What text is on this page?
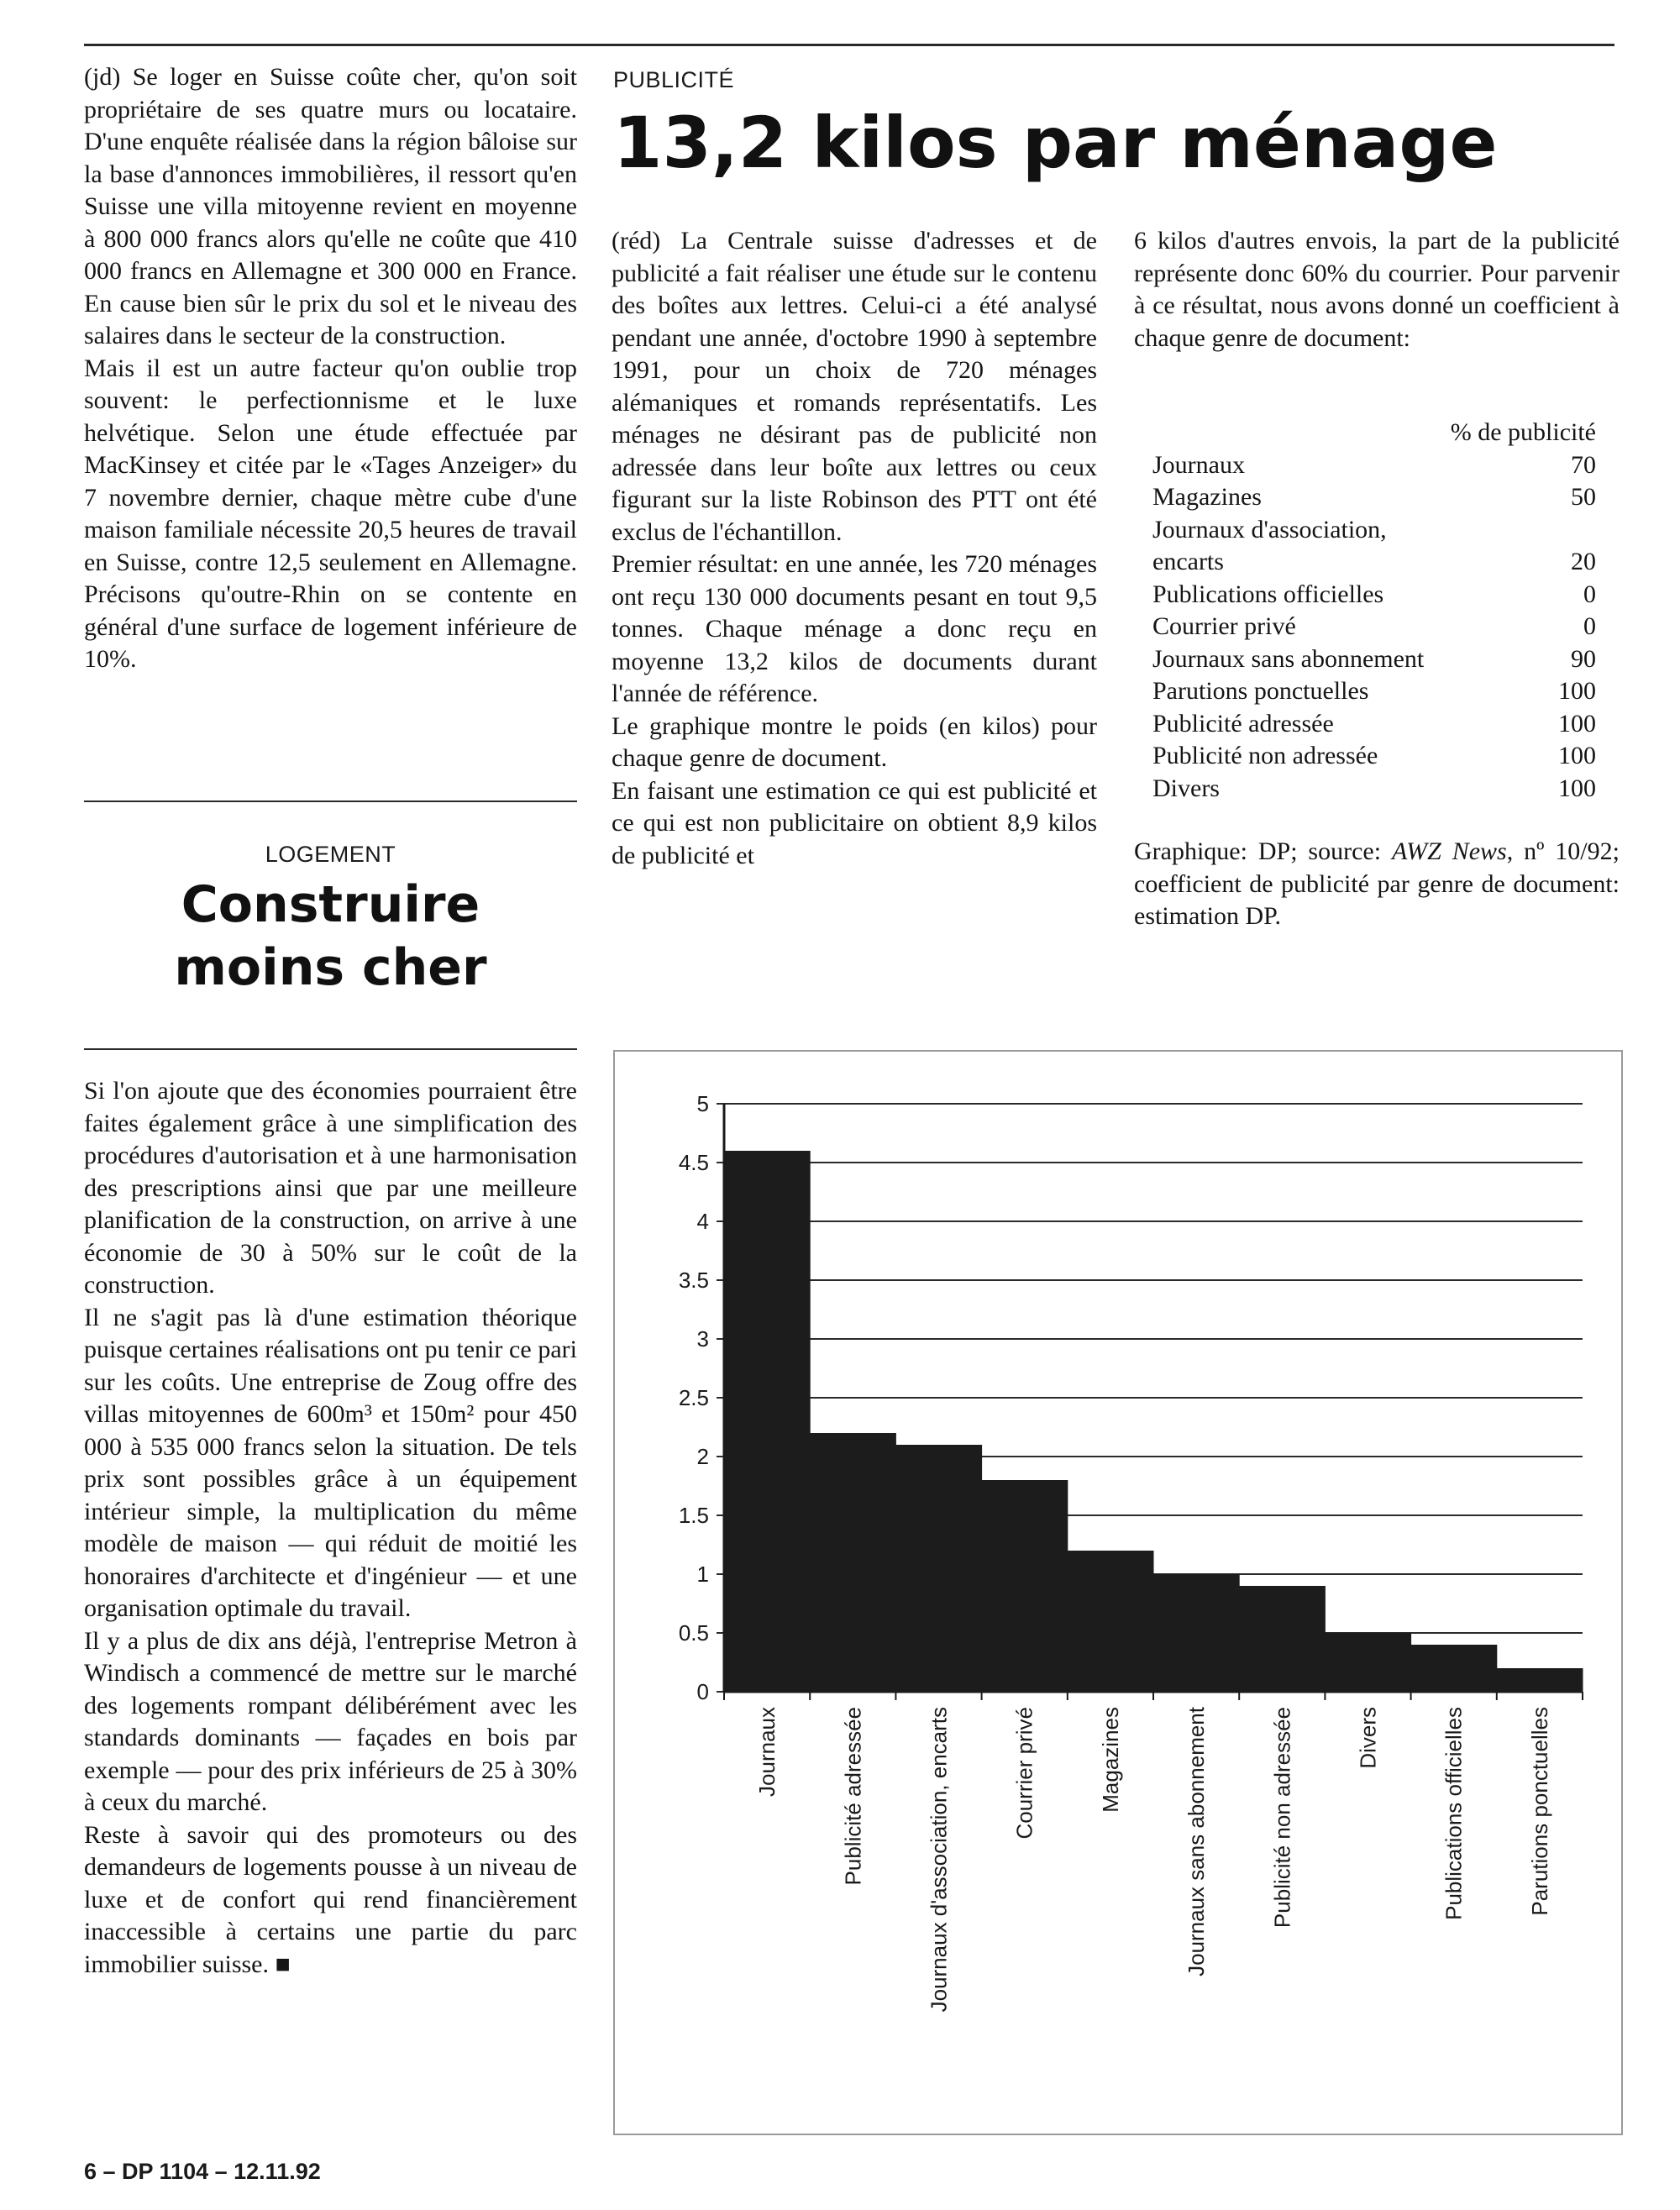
(jd) Se loger en Suisse coûte cher, qu'on soit propriétaire de ses quatre murs ou locataire. D'une enquête réalisée dans la région bâloise sur la base d'annonces immobilières, il ressort qu'en Suisse une villa mitoyenne revient en moyenne à 800 000 francs alors qu'elle ne coûte que 410 000 francs en Allemagne et 300 000 en France. En cause bien sûr le prix du sol et le niveau des salaires dans le secteur de la construction.

Mais il est un autre facteur qu'on oublie trop souvent: le perfectionnisme et le luxe helvétique. Selon une étude effectuée par MacKinsey et citée par le «Tages Anzeiger» du 7 novembre dernier, chaque mètre cube d'une maison familiale nécessite 20,5 heures de travail en Suisse, contre 12,5 seulement en Allemagne. Précisons qu'outre-Rhin on se contente en général d'une surface de logement inférieure de 10%.

LOGEMENT
Construire
moins cher

Si l'on ajoute que des économies pourraient être faites également grâce à une simplification des procédures d'autorisation et à une harmonisation des prescriptions ainsi que par une meilleure planification de la construction, on arrive à une économie de 30 à 50% sur le coût de la construction.

Il ne s'agit pas là d'une estimation théorique puisque certaines réalisations ont pu tenir ce pari sur les coûts. Une entreprise de Zoug offre des villas mitoyennes de 600m³ et 150m² pour 450 000 à 535 000 francs selon la situation. De tels prix sont possibles grâce à un équipement intérieur simple, la multiplication du même modèle de maison — qui réduit de moitié les honoraires d'architecte et d'ingénieur — et une organisation optimale du travail.

Il y a plus de dix ans déjà, l'entreprise Metron à Windisch a commencé de mettre sur le marché des logements rompant délibérément avec les standards dominants — façades en bois par exemple — pour des prix inférieurs de 25 à 30% à ceux du marché.

Reste à savoir qui des promoteurs ou des demandeurs de logements pousse à un niveau de luxe et de confort qui rend financièrement inaccessible à certains une partie du parc immobilier suisse. ■

PUBLICITÉ
13,2 kilos par ménage

(réd) La Centrale suisse d'adresses et de publicité a fait réaliser une étude sur le contenu des boîtes aux lettres. Celui-ci a été analysé pendant une année, d'octobre 1990 à septembre 1991, pour un choix de 720 ménages alémaniques et romands représentatifs. Les ménages ne désirant pas de publicité non adressée dans leur boîte aux lettres ou ceux figurant sur la liste Robinson des PTT ont été exclus de l'échantillon.

Premier résultat: en une année, les 720 ménages ont reçu 130 000 documents pesant en tout 9,5 tonnes. Chaque ménage a donc reçu en moyenne 13,2 kilos de documents durant l'année de référence.

Le graphique montre le poids (en kilos) pour chaque genre de document.

En faisant une estimation ce qui est publicité et ce qui est non publicitaire on obtient 8,9 kilos de publicité et

6 kilos d'autres envois, la part de la publicité représente donc 60% du courrier. Pour parvenir à ce résultat, nous avons donné un coefficient à chaque genre de document:

% de publicité
Journaux	70
Magazines	50
Journaux d'association,
encarts	20
Publications officielles	0
Courrier privé	0
Journaux sans abonnement	90
Parutions ponctuelles	100
Publicité adressée	100
Publicité non adressée	100
Divers	100

Graphique: DP; source: AWZ News, nº 10/92; coefficient de publicité par genre de document: estimation DP.

0
0.5
1
1.5
2
2.5
3
3.5
4
4.5
5
Journaux	Publicité adressée	Journaux d'association, encarts	Courrier privé	Magazines	Journaux sans abonnement	Publicité non adressée	Divers	Publications officielles	Parutions ponctuelles
6 – DP 1104 – 12.11.92
